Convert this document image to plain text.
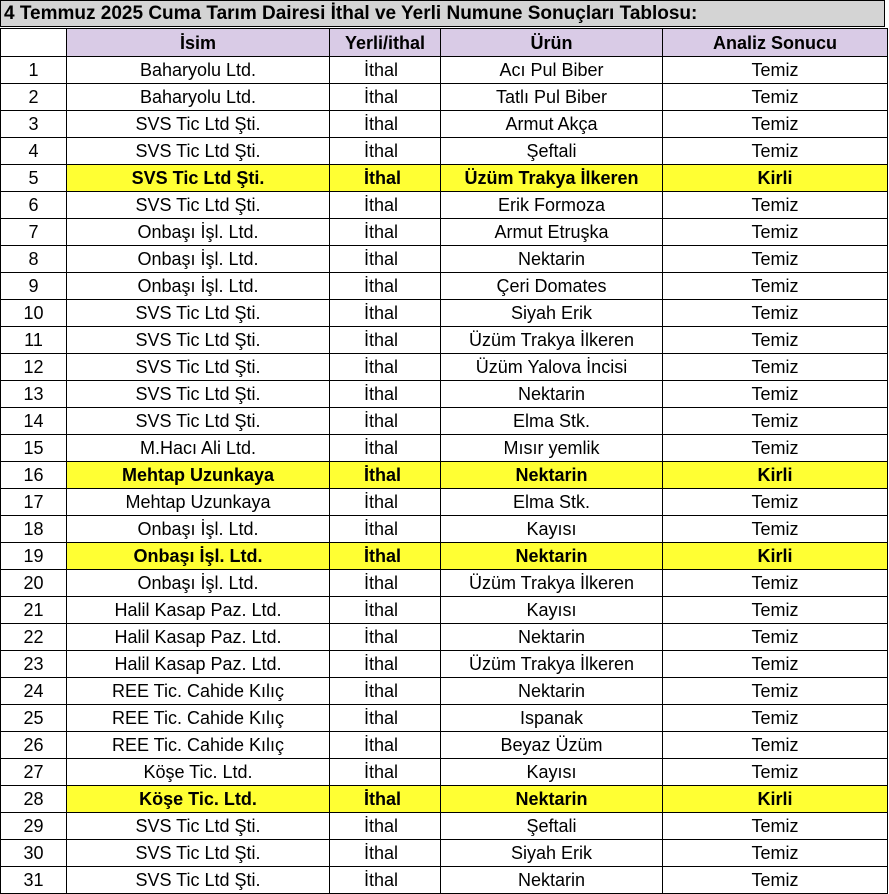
4 Temmuz 2025 Cuma Tarım Dairesi İthal ve Yerli Numune Sonuçları Tablosu:
	İsim	Yerli/ithal	Ürün	Analiz Sonucu
1	Baharyolu Ltd.	İthal	Acı Pul Biber	Temiz
2	Baharyolu Ltd.	İthal	Tatlı Pul Biber	Temiz
3	SVS Tic Ltd Şti.	İthal	Armut Akça	Temiz
4	SVS Tic Ltd Şti.	İthal	Şeftali	Temiz
5	SVS Tic Ltd Şti.	İthal	Üzüm Trakya İlkeren	Kirli
6	SVS Tic Ltd Şti.	İthal	Erik Formoza	Temiz
7	Onbaşı İşl. Ltd.	İthal	Armut Etruşka	Temiz
8	Onbaşı İşl. Ltd.	İthal	Nektarin	Temiz
9	Onbaşı İşl. Ltd.	İthal	Çeri Domates	Temiz
10	SVS Tic Ltd Şti.	İthal	Siyah Erik	Temiz
11	SVS Tic Ltd Şti.	İthal	Üzüm Trakya İlkeren	Temiz
12	SVS Tic Ltd Şti.	İthal	Üzüm Yalova İncisi	Temiz
13	SVS Tic Ltd Şti.	İthal	Nektarin	Temiz
14	SVS Tic Ltd Şti.	İthal	Elma Stk.	Temiz
15	M.Hacı Ali Ltd.	İthal	Mısır yemlik	Temiz
16	Mehtap Uzunkaya	İthal	Nektarin	Kirli
17	Mehtap Uzunkaya	İthal	Elma Stk.	Temiz
18	Onbaşı İşl. Ltd.	İthal	Kayısı	Temiz
19	Onbaşı İşl. Ltd.	İthal	Nektarin	Kirli
20	Onbaşı İşl. Ltd.	İthal	Üzüm Trakya İlkeren	Temiz
21	Halil Kasap Paz. Ltd.	İthal	Kayısı	Temiz
22	Halil Kasap Paz. Ltd.	İthal	Nektarin	Temiz
23	Halil Kasap Paz. Ltd.	İthal	Üzüm Trakya İlkeren	Temiz
24	REE Tic. Cahide Kılıç	İthal	Nektarin	Temiz
25	REE Tic. Cahide Kılıç	İthal	Ispanak	Temiz
26	REE Tic. Cahide Kılıç	İthal	Beyaz Üzüm	Temiz
27	Köşe Tic. Ltd.	İthal	Kayısı	Temiz
28	Köşe Tic. Ltd.	İthal	Nektarin	Kirli
29	SVS Tic Ltd Şti.	İthal	Şeftali	Temiz
30	SVS Tic Ltd Şti.	İthal	Siyah Erik	Temiz
31	SVS Tic Ltd Şti.	İthal	Nektarin	Temiz
